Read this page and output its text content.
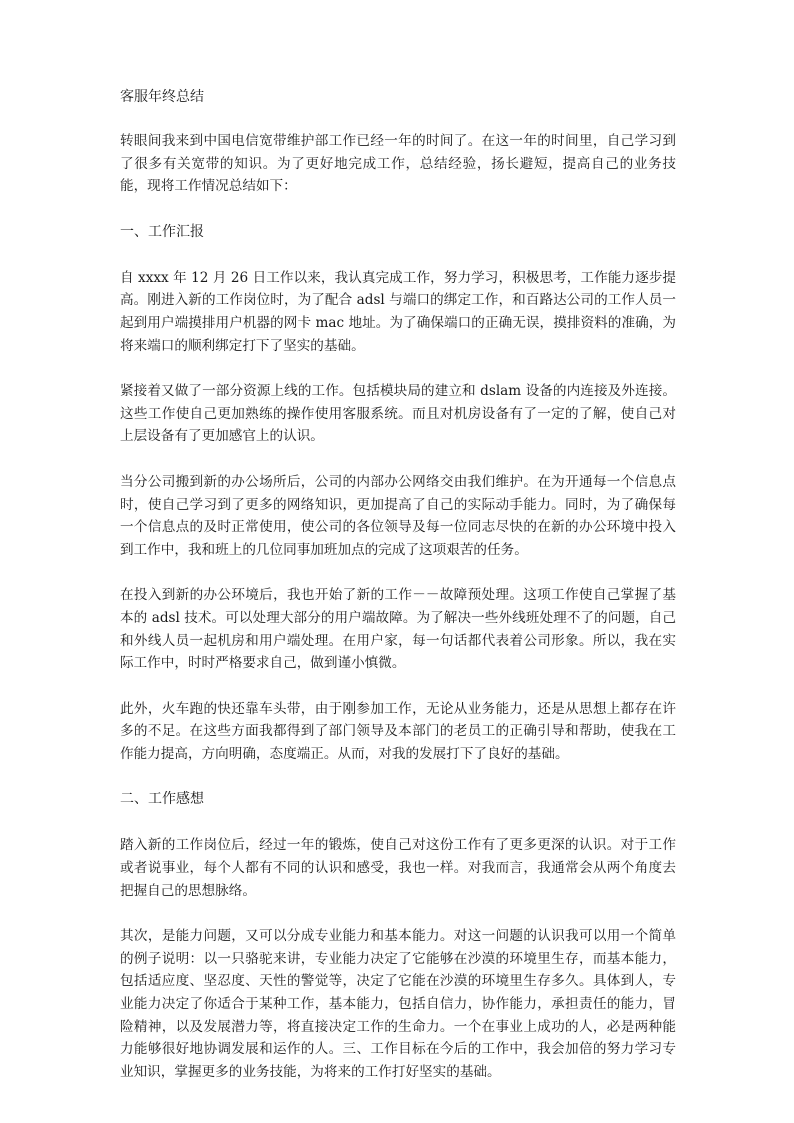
客服年终总结
转眼间我来到中国电信宽带维护部工作已经一年的时间了。在这一年的时间里，自己学习到了很多有关宽带的知识。为了更好地完成工作，总结经验，扬长避短，提高自己的业务技能，现将工作情况总结如下：
一、工作汇报
自 xxxx 年 12 月 26 日工作以来，我认真完成工作，努力学习，积极思考，工作能力逐步提高。刚进入新的工作岗位时，为了配合 adsl 与端口的绑定工作，和百路达公司的工作人员一起到用户端摸排用户机器的网卡 mac 地址。为了确保端口的正确无误，摸排资料的准确，为将来端口的顺利绑定打下了坚实的基础。
紧接着又做了一部分资源上线的工作。包括模块局的建立和 dslam 设备的内连接及外连接。这些工作使自己更加熟练的操作使用客服系统。而且对机房设备有了一定的了解，使自己对上层设备有了更加感官上的认识。
当分公司搬到新的办公场所后，公司的内部办公网络交由我们维护。在为开通每一个信息点时，使自己学习到了更多的网络知识，更加提高了自己的实际动手能力。同时，为了确保每一个信息点的及时正常使用，使公司的各位领导及每一位同志尽快的在新的办公环境中投入到工作中，我和班上的几位同事加班加点的完成了这项艰苦的任务。
在投入到新的办公环境后，我也开始了新的工作－－故障预处理。这项工作使自己掌握了基本的 adsl 技术。可以处理大部分的用户端故障。为了解决一些外线班处理不了的问题，自己和外线人员一起机房和用户端处理。在用户家，每一句话都代表着公司形象。所以，我在实际工作中，时时严格要求自己，做到谨小慎微。
此外，火车跑的快还靠车头带，由于刚参加工作，无论从业务能力，还是从思想上都存在许多的不足。在这些方面我都得到了部门领导及本部门的老员工的正确引导和帮助，使我在工作能力提高，方向明确，态度端正。从而，对我的发展打下了良好的基础。
二、工作感想
踏入新的工作岗位后，经过一年的锻炼，使自己对这份工作有了更多更深的认识。对于工作或者说事业，每个人都有不同的认识和感受，我也一样。对我而言，我通常会从两个角度去把握自己的思想脉络。
其次，是能力问题，又可以分成专业能力和基本能力。对这一问题的认识我可以用一个简单的例子说明：以一只骆驼来讲，专业能力决定了它能够在沙漠的环境里生存，而基本能力，包括适应度、坚忍度、天性的警觉等，决定了它能在沙漠的环境里生存多久。具体到人，专业能力决定了你适合于某种工作，基本能力，包括自信力，协作能力，承担责任的能力，冒险精神，以及发展潜力等，将直接决定工作的生命力。一个在事业上成功的人，必是两种能力能够很好地协调发展和运作的人。三、工作目标在今后的工作中，我会加倍的努力学习专业知识，掌握更多的业务技能，为将来的工作打好坚实的基础。
